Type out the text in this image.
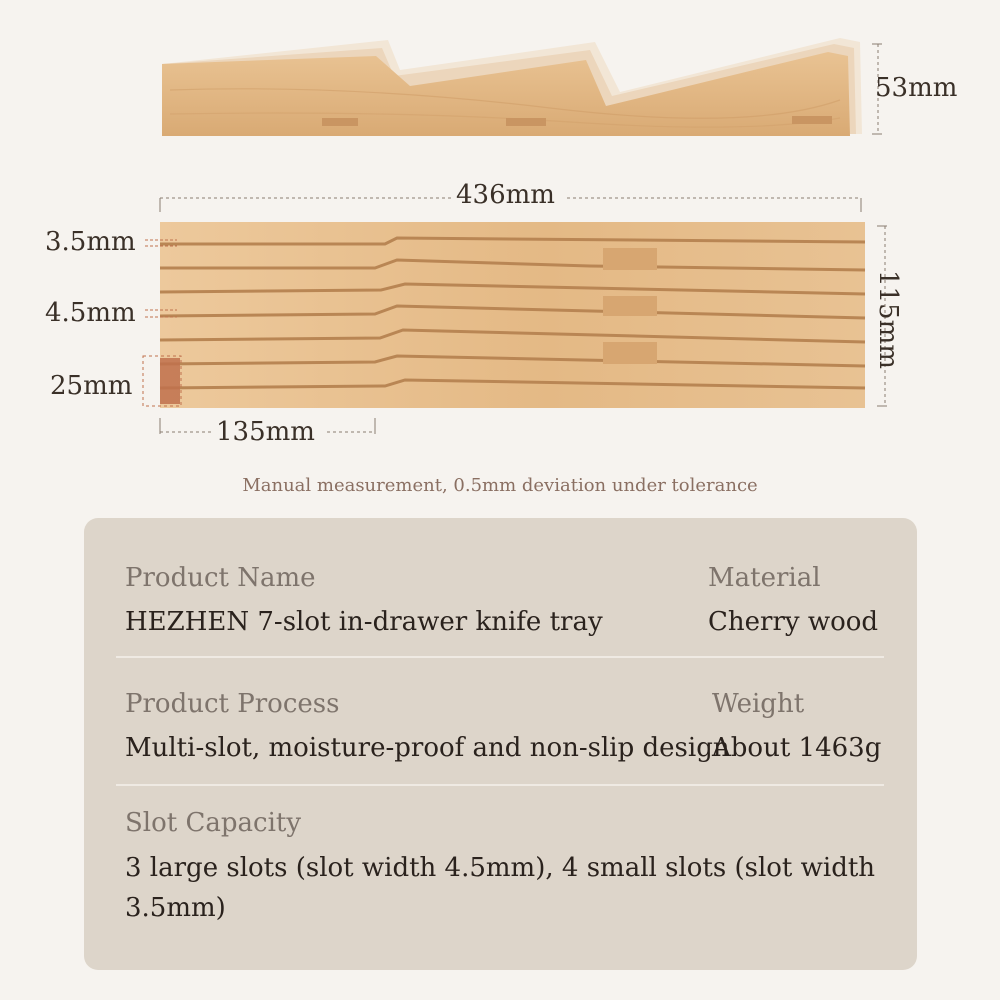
53mm
436mm
3.5mm
4.5mm
25mm
135mm
115mm
Manual measurement, 0.5mm deviation under tolerance
Product Name
HEZHEN 7-slot in-drawer knife tray
Material
Cherry wood
Product Process
Multi-slot, moisture-proof and non-slip design
Weight
About 1463g
Slot Capacity
3 large slots (slot width 4.5mm), 4 small slots (slot width 3.5mm)
